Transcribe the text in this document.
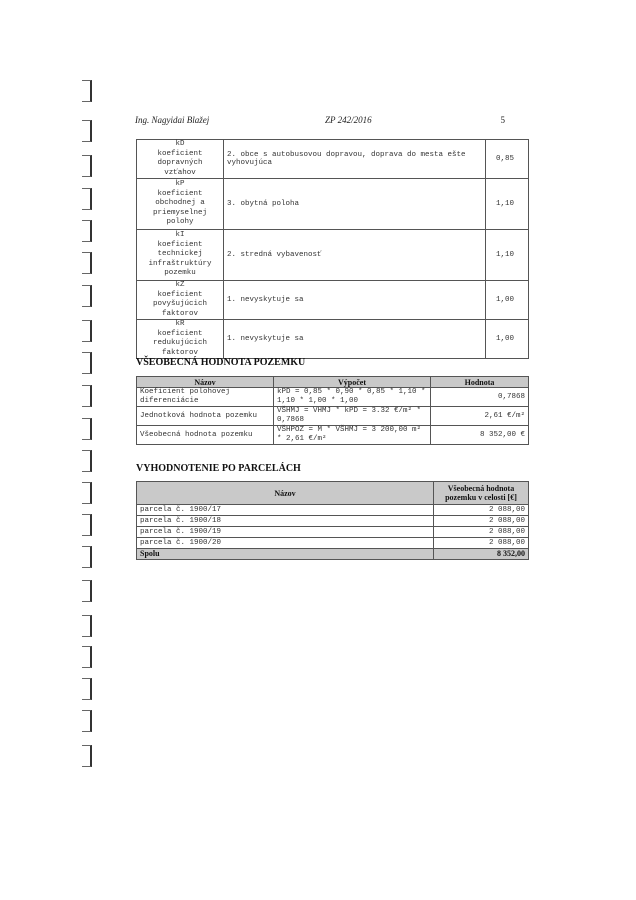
Ing. Nagyidai Blažej	ZP 242/2016	5
kD
koeficient dopravných vzťahov	2. obce s autobusovou dopravou, doprava do mesta ešte vyhovujúca	0,85
kP
koeficient obchodnej a priemyselnej polohy	3. obytná poloha	1,10
kI
koeficient technickej infraštruktúry pozemku	2. stredná vybavenosť	1,10
kZ
koeficient povyšujúcich faktorov	1. nevyskytuje sa	1,00
kR
koeficient redukujúcich faktorov	1. nevyskytuje sa	1,00
VŠEOBECNÁ HODNOTA POZEMKU
Názov	Výpočet	Hodnota
Koeficient polohovej diferenciácie	kPD = 0,85 * 0,90 * 0,85 * 1,10 * 1,10 * 1,00 * 1,00	0,7868
Jednotková hodnota pozemku	VŠHMJ = VHMJ * kPD = 3.32 €/m² * 0,7868	2,61 €/m²
Všeobecná hodnota pozemku	VŠHPOZ = M * VŠHMJ = 3 200,00 m² * 2,61 €/m²	8 352,00 €
VYHODNOTENIE PO PARCELÁCH
Názov	Všeobecná hodnota pozemku v celosti [€]
parcela č. 1900/17	2 088,00
parcela č. 1900/18	2 088,00
parcela č. 1900/19	2 088,00
parcela č. 1900/20	2 088,00
Spolu	8 352,00
